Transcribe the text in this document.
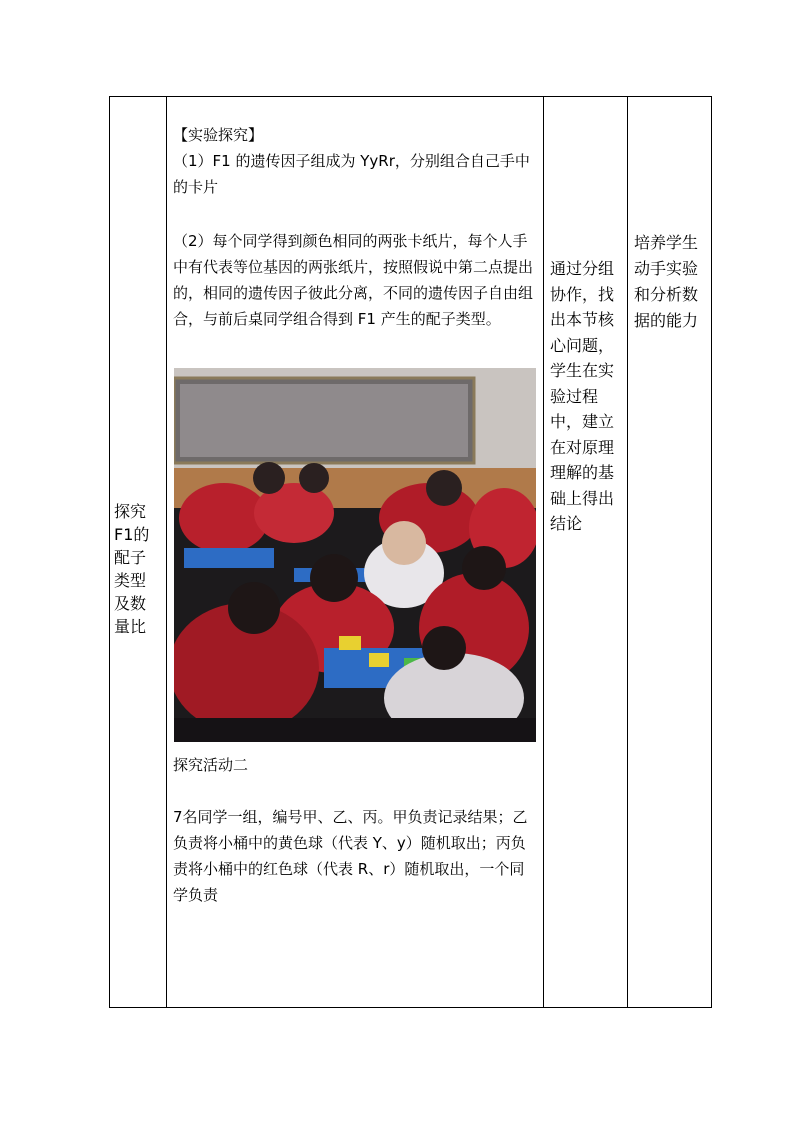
探究F1的配子类型及数量比

【实验探究】

（1）F1 的遗传因子组成为 YyRr，分别组合自己手中的卡片

（2）每个同学得到颜色相同的两张卡纸片，每个人手中有代表等位基因的两张纸片，按照假说中第二点提出的，相同的遗传因子彼此分离，不同的遗传因子自由组合，与前后桌同学组合得到 F1 产生的配子类型。

探究活动二

7名同学一组，编号甲、乙、丙。甲负责记录结果；乙负责将小桶中的黄色球（代表 Y、y）随机取出；丙负责将小桶中的红色球（代表 R、r）随机取出，一个同学负责

通过分组协作，找出本节核心问题，学生在实验过程中，建立在对原理理解的基础上得出结论
培养学生动手实验和分析数据的能力
